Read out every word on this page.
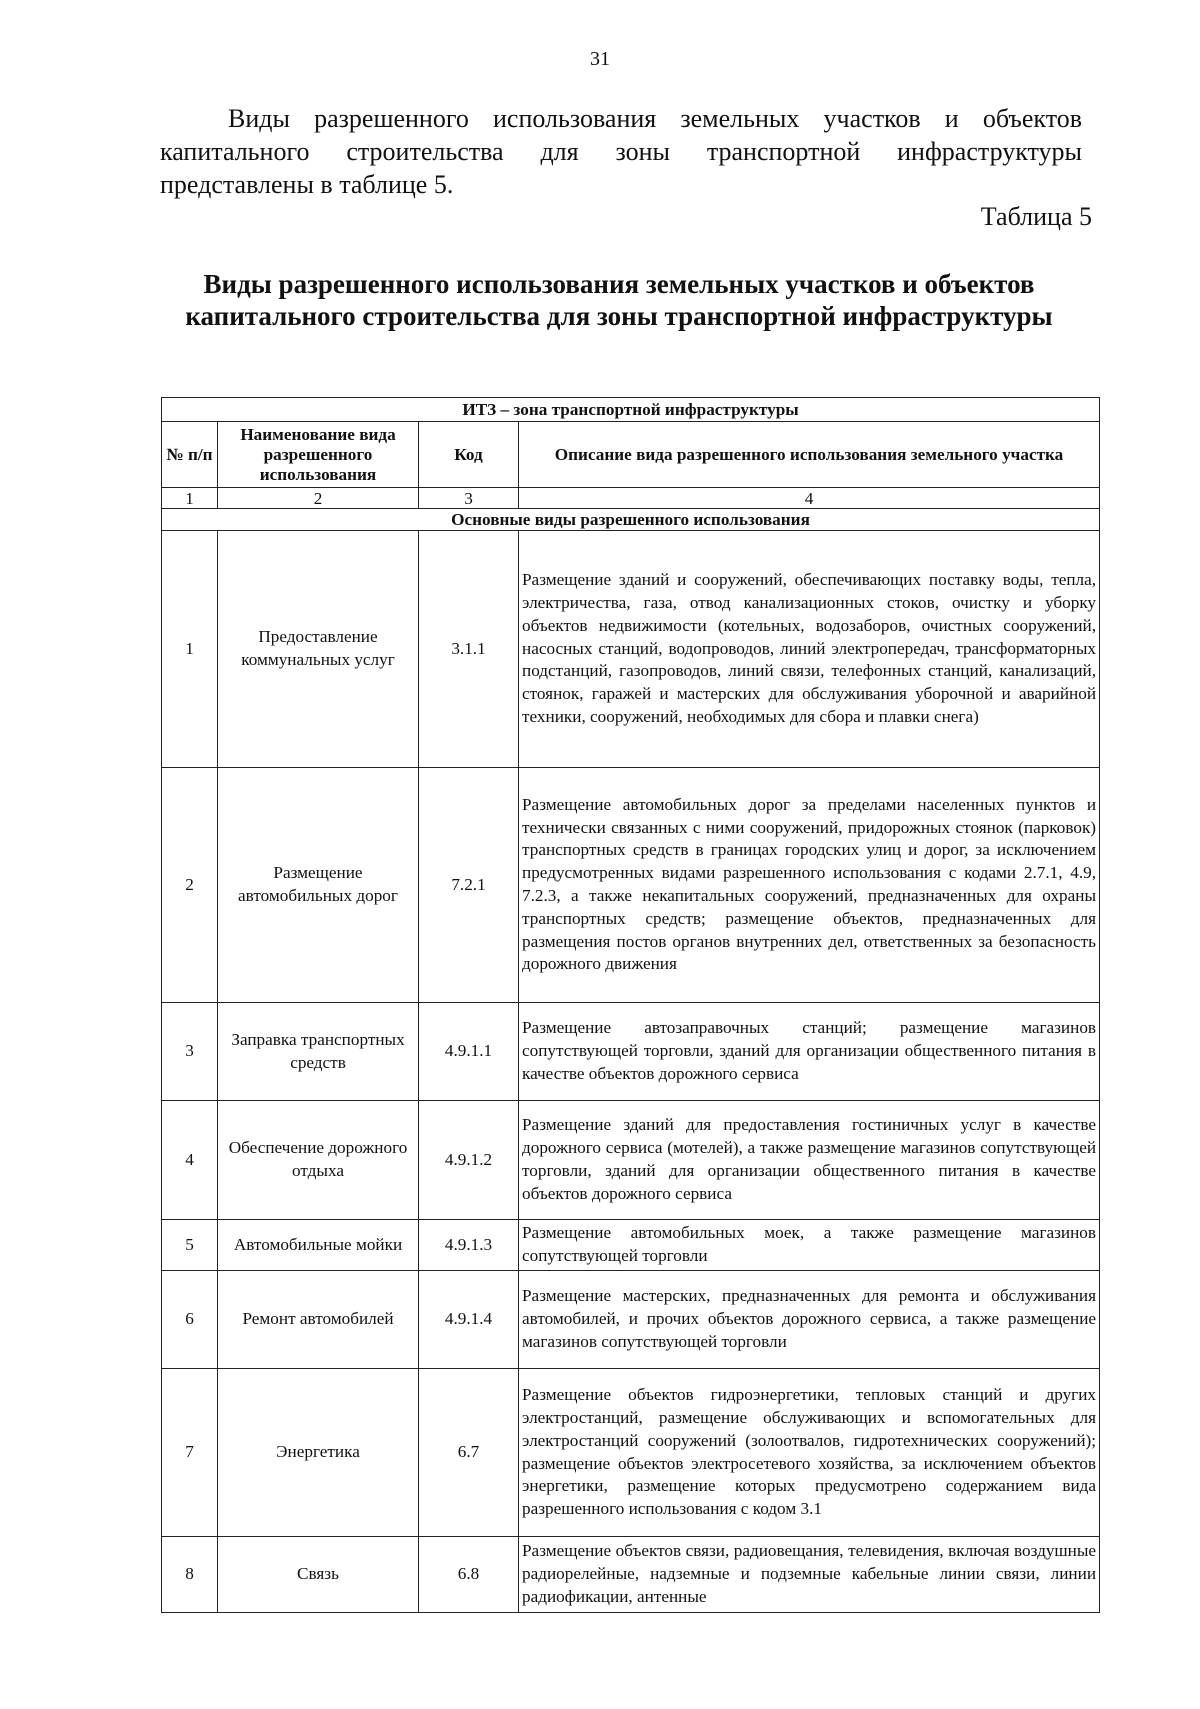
31

Виды разрешенного использования земельных участков и объектов капитального строительства для зоны транспортной инфраструктуры представлены в таблице 5.

Таблица 5
Виды разрешенного использования земельных участков и объектов капитального строительства для зоны транспортной инфраструктуры
ИТЗ – зона транспортной инфраструктуры			
№ п/п	Наименование вида разрешенного использования	Код	Описание вида разрешенного использования земельного участка
1	2	3	4
Основные виды разрешенного использования			
1	Предоставление коммунальных услуг	3.1.1	Размещение зданий и сооружений, обеспечивающих поставку воды, тепла, электричества, газа, отвод канализационных стоков, очистку и уборку объектов недвижимости (котельных, водозаборов, очистных сооружений, насосных станций, водопроводов, линий электропередач, трансформаторных подстанций, газопроводов, линий связи, телефонных станций, канализаций, стоянок, гаражей и мастерских для обслуживания уборочной и аварийной техники, сооружений, необходимых для сбора и плавки снега)
2	Размещение автомобильных дорог	7.2.1	Размещение автомобильных дорог за пределами населенных пунктов и технически связанных с ними сооружений, придорожных стоянок (парковок) транспортных средств в границах городских улиц и дорог, за исключением предусмотренных видами разрешенного использования с кодами 2.7.1, 4.9, 7.2.3, а также некапитальных сооружений, предназначенных для охраны транспортных средств; размещение объектов, предназначенных для размещения постов органов внутренних дел, ответственных за безопасность дорожного движения
3	Заправка транспортных средств	4.9.1.1	Размещение автозаправочных станций; размещение магазинов сопутствующей торговли, зданий для организации общественного питания в качестве объектов дорожного сервиса
4	Обеспечение дорожного отдыха	4.9.1.2	Размещение зданий для предоставления гостиничных услуг в качестве дорожного сервиса (мотелей), а также размещение магазинов сопутствующей торговли, зданий для организации общественного питания в качестве объектов дорожного сервиса
5	Автомобильные мойки	4.9.1.3	Размещение автомобильных моек, а также размещение магазинов сопутствующей торговли
6	Ремонт автомобилей	4.9.1.4	Размещение мастерских, предназначенных для ремонта и обслуживания автомобилей, и прочих объектов дорожного сервиса, а также размещение магазинов сопутствующей торговли
7	Энергетика	6.7	Размещение объектов гидроэнергетики, тепловых станций и других электростанций, размещение обслуживающих и вспомогательных для электростанций сооружений (золоотвалов, гидротехнических сооружений); размещение объектов электросетевого хозяйства, за исключением объектов энергетики, размещение которых предусмотрено содержанием вида разрешенного использования с кодом 3.1
8	Связь	6.8	Размещение объектов связи, радиовещания, телевидения, включая воздушные радиорелейные, надземные и подземные кабельные линии связи, линии радиофикации, антенные
